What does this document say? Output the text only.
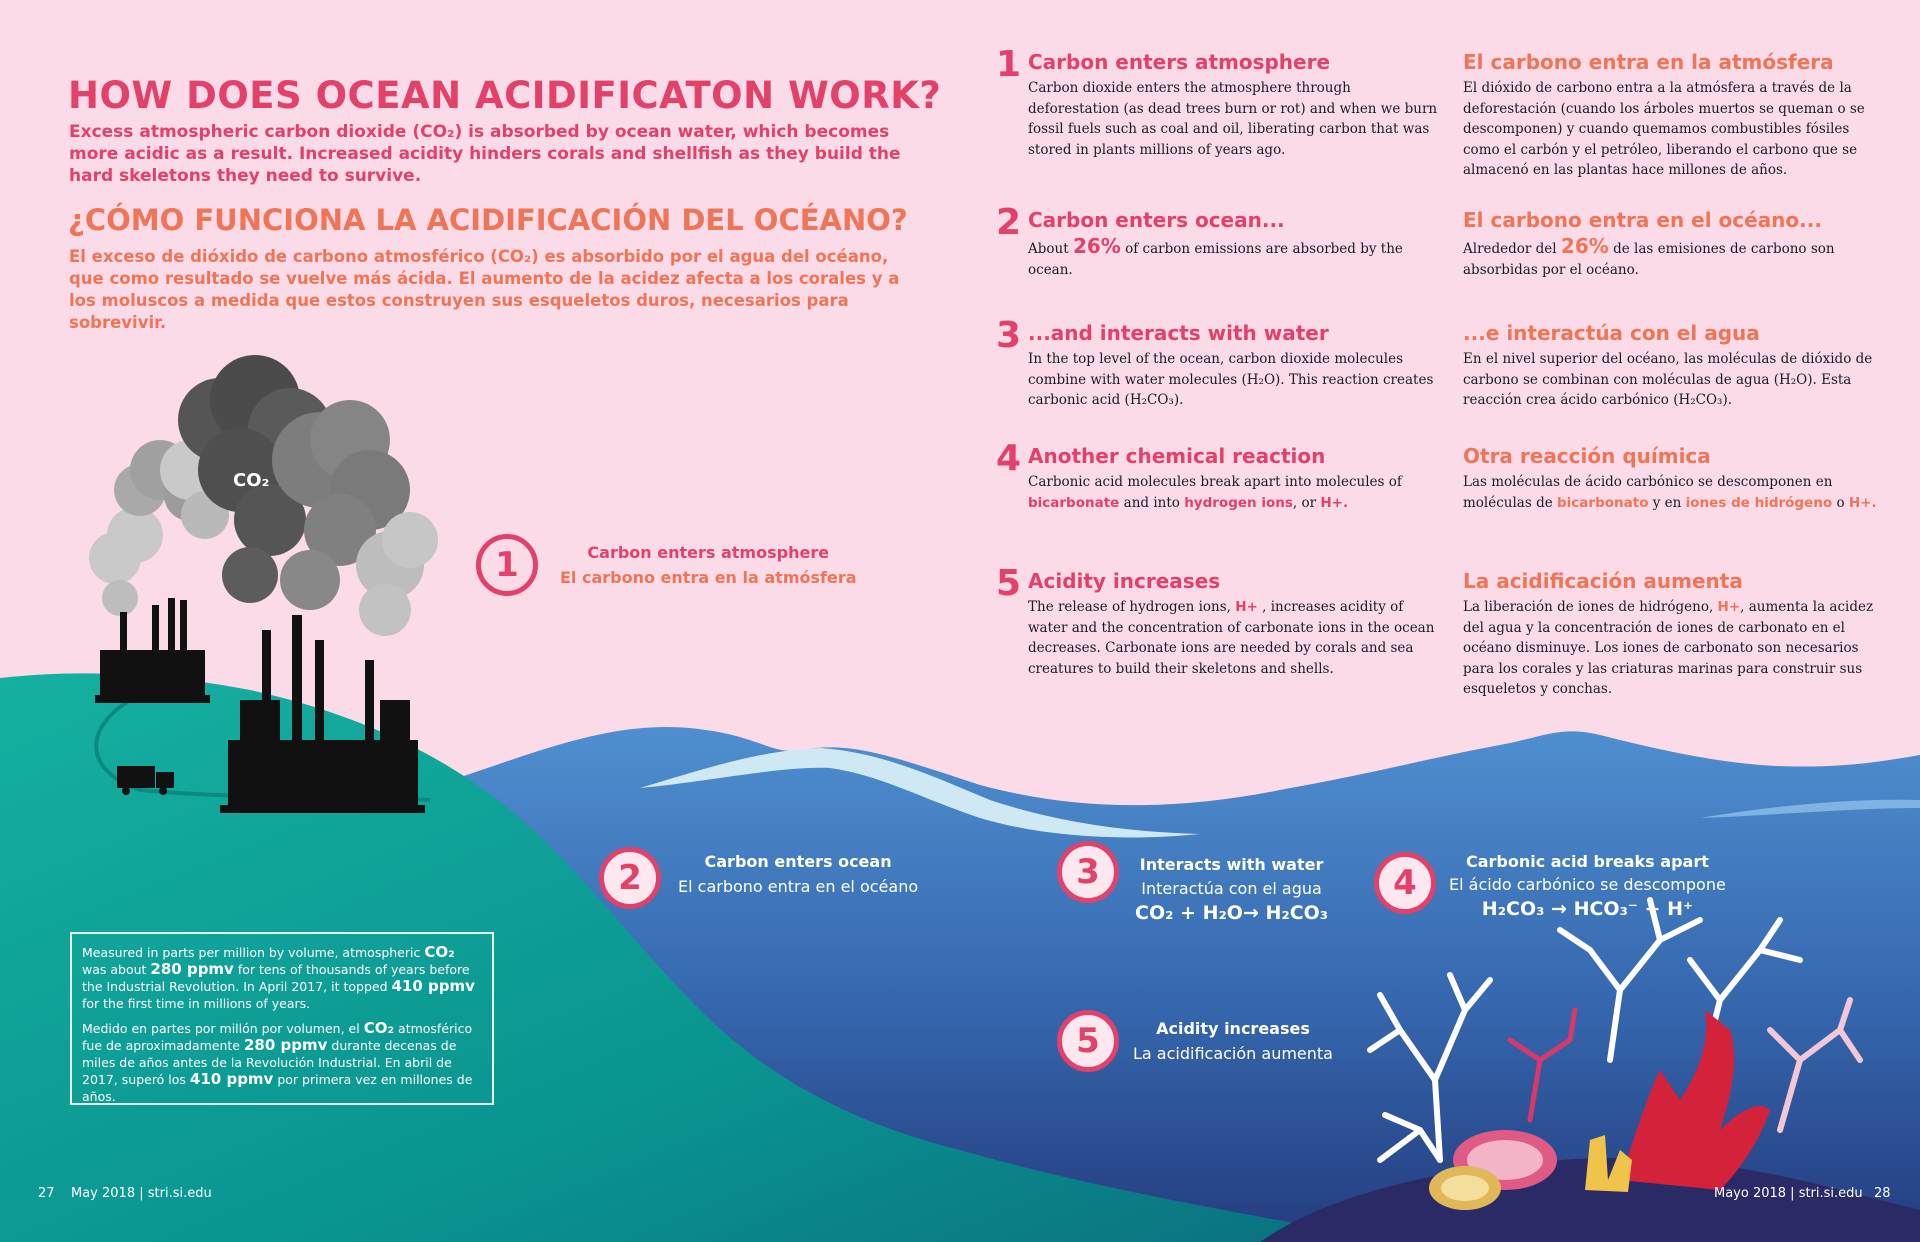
HOW DOES OCEAN ACIDIFICATON WORK?

Excess atmospheric carbon dioxide (CO₂) is absorbed by ocean water, which becomes more acidic as a result. Increased acidity hinders corals and shellfish as they build the hard skeletons they need to survive.

¿CÓMO FUNCIONA LA ACIDIFICACIÓN DEL OCÉANO?

El exceso de dióxido de carbono atmosférico (CO₂) es absorbido por el agua del océano, que como resultado se vuelve más ácida. El aumento de la acidez afecta a los corales y a los moluscos a medida que estos construyen sus esqueletos duros, necesarios para sobrevivir.

1 Carbon enters atmosphere

Carbon dioxide enters the atmosphere through deforestation (as dead trees burn or rot) and when we burn fossil fuels such as coal and oil, liberating carbon that was stored in plants millions of years ago.

2 Carbon enters ocean...

About 26% of carbon emissions are absorbed by the ocean.

3 ...and interacts with water

In the top level of the ocean, carbon dioxide molecules combine with water molecules (H₂O). This reaction creates carbonic acid (H₂CO₃).

4 Another chemical reaction

Carbonic acid molecules break apart into molecules of bicarbonate and into hydrogen ions, or H+.

5 Acidity increases

The release of hydrogen ions, H+ , increases acidity of water and the concentration of carbonate ions in the ocean decreases. Carbonate ions are needed by corals and sea creatures to build their skeletons and shells.

El carbono entra en la atmósfera

El dióxido de carbono entra a la atmósfera a través de la deforestación (cuando los árboles muertos se queman o se descomponen) y cuando quemamos combustibles fósiles como el carbón y el petróleo, liberando el carbono que se almacenó en las plantas hace millones de años.

El carbono entra en el océano...

Alrededor del 26% de las emisiones de carbono son absorbidas por el océano.

...e interactúa con el agua

En el nivel superior del océano, las moléculas de dióxido de carbono se combinan con moléculas de agua (H₂O). Esta reacción crea ácido carbónico (H₂CO₃).

Otra reacción química

Las moléculas de ácido carbónico se descomponen en moléculas de bicarbonato y en iones de hidrógeno o H+.

La acidificación aumenta

La liberación de iones de hidrógeno, H+, aumenta la acidez del agua y la concentración de iones de carbonato en el océano disminuye. Los iones de carbonato son necesarios para los corales y las criaturas marinas para construir sus esqueletos y conchas.

CO₂
1	Carbon enters atmosphere
El carbono entra en la atmósfera
2	Carbon enters ocean
El carbono entra en el océano	3	Interacts with water
Interactúa con el agua
CO₂ + H₂O→ H₂CO₃
4
Carbonic acid breaks apart
El ácido carbónico se descompone
H₂CO₃ → HCO₃⁻ + H⁺
5	Acidity increases
La acidificación aumenta

Measured in parts per million by volume, atmospheric CO₂ was about 280 ppmv for tens of thousands of years before the Industrial Revolution. In April 2017, it topped 410 ppmv for the first time in millions of years.

Medido en partes por millón por volumen, el CO₂ atmosférico fue de aproximadamente 280 ppmv durante decenas de miles de años antes de la Revolución Industrial. En abril de 2017, superó los 410 ppmv por primera vez en millones de años.

27 May 2018 | stri.si.edu	Mayo 2018 | stri.si.edu 28
